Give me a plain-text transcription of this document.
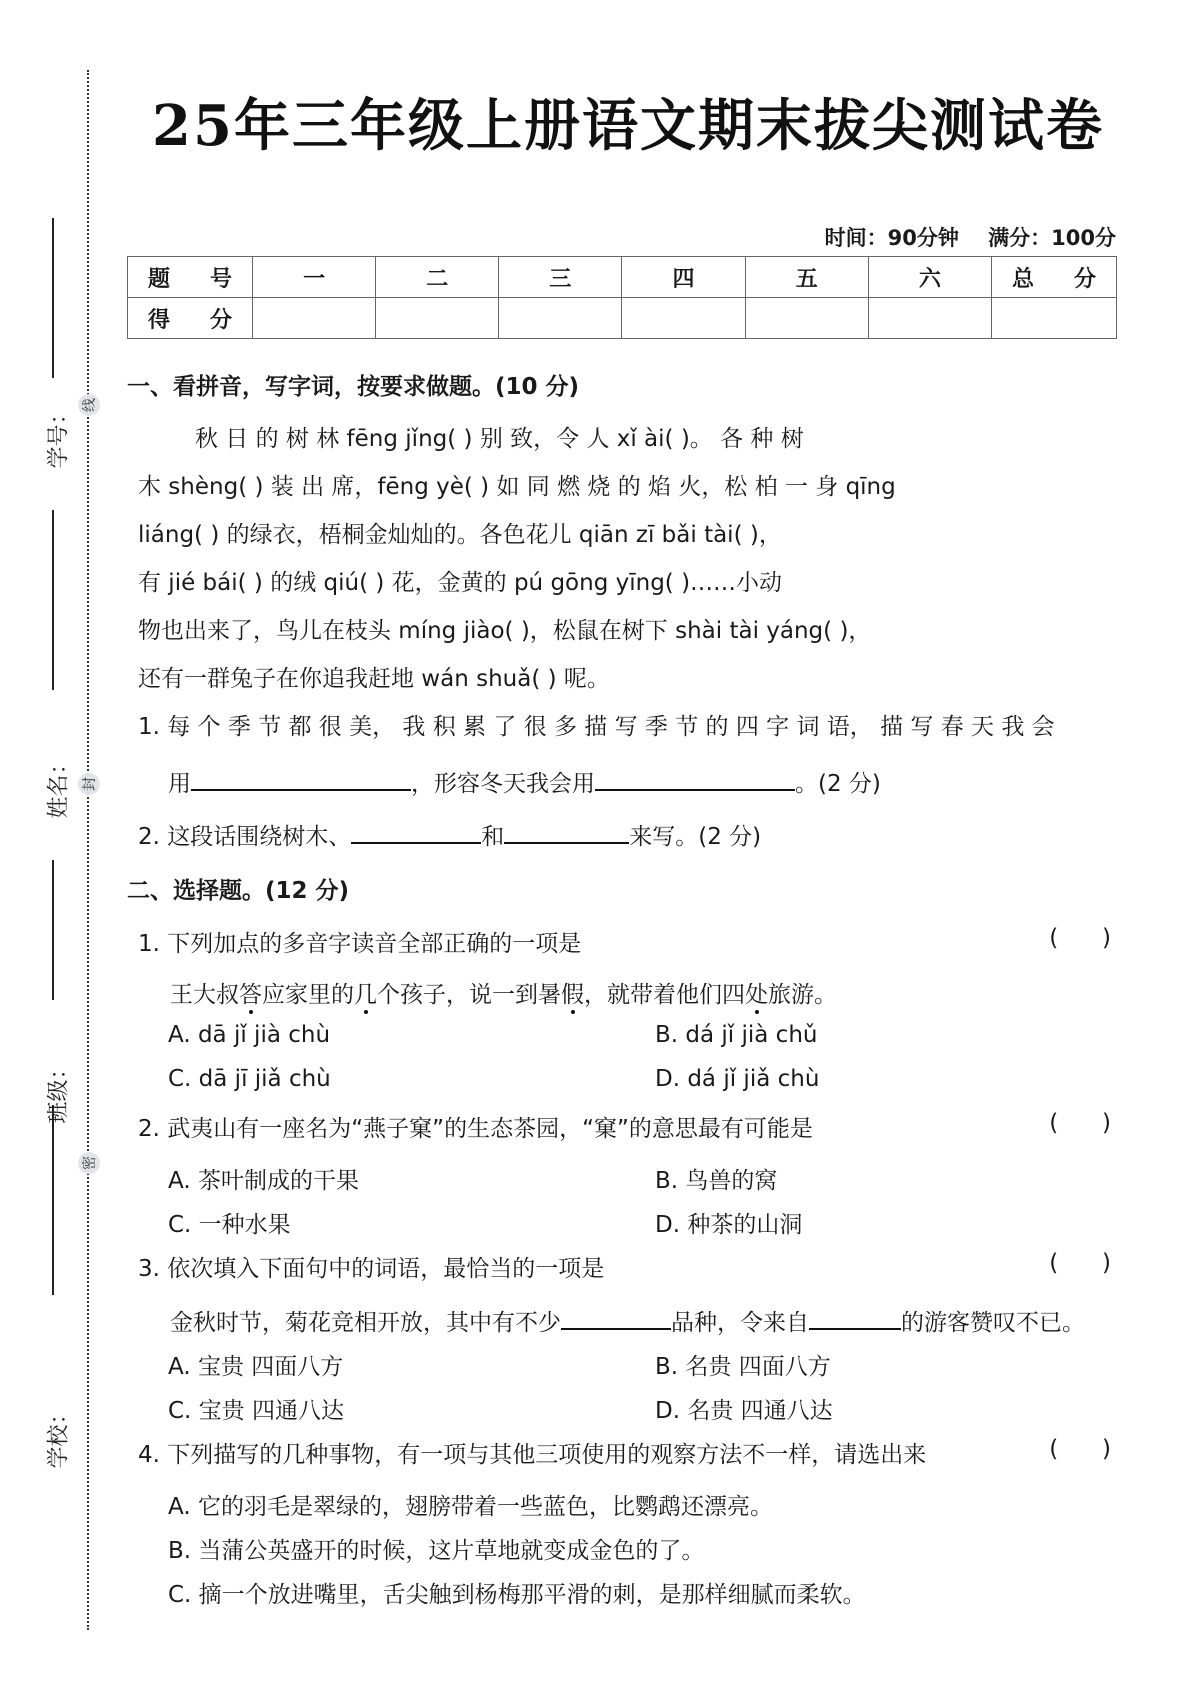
线
封
密
学号：
姓名：
班级：
学校：
25年三年级上册语文期末拔尖测试卷
时间：90分钟 满分：100分
题　号	一	二	三	四	五	六	总　分
得　分							
一、看拼音，写字词，按要求做题。(10 分)
秋 日 的 树 林 fēng jǐng( ) 别 致，令 人 xǐ ài( )。 各 种 树
木 shèng( ) 装 出 席，fēng yè( ) 如 同 燃 烧 的 焰 火，松 柏 一 身 qīng
liáng( ) 的绿衣，梧桐金灿灿的。各色花儿 qiān zī bǎi tài( )，
有 jié bái( ) 的绒 qiú( ) 花，金黄的 pú gōng yīng( )……小动
物也出来了，鸟儿在枝头 míng jiào( )，松鼠在树下 shài tài yáng( )，
还有一群兔子在你追我赶地 wán shuǎ( ) 呢。
1. 每 个 季 节 都 很 美， 我 积 累 了 很 多 描 写 季 节 的 四 字 词 语， 描 写 春 天 我 会
用	，形容冬天我会用	。(2 分)
2. 这段话围绕树木、	和	来写。(2 分)
二、选择题。(12 分)
1. 下列加点的多音字读音全部正确的一项是	(      )
王大叔答应家里的几个孩子，说一到暑假，就带着他们四处旅游。
A. dā jǐ jià chù	B. dá jǐ jià chǔ
C. dā jī jiǎ chù	D. dá jǐ jiǎ chù
2. 武夷山有一座名为“燕子窠”的生态茶园，“窠”的意思最有可能是	(      )
A. 茶叶制成的干果	B. 鸟兽的窝
C. 一种水果	D. 种茶的山洞
3. 依次填入下面句中的词语，最恰当的一项是	(      )
金秋时节，菊花竞相开放，其中有不少	品种，令来自	的游客赞叹不已。
A. 宝贵 四面八方	B. 名贵 四面八方
C. 宝贵 四通八达	D. 名贵 四通八达
4. 下列描写的几种事物，有一项与其他三项使用的观察方法不一样，请选出来	(      )
A. 它的羽毛是翠绿的，翅膀带着一些蓝色，比鹦鹉还漂亮。
B. 当蒲公英盛开的时候，这片草地就变成金色的了。
C. 摘一个放进嘴里，舌尖触到杨梅那平滑的刺，是那样细腻而柔软。
